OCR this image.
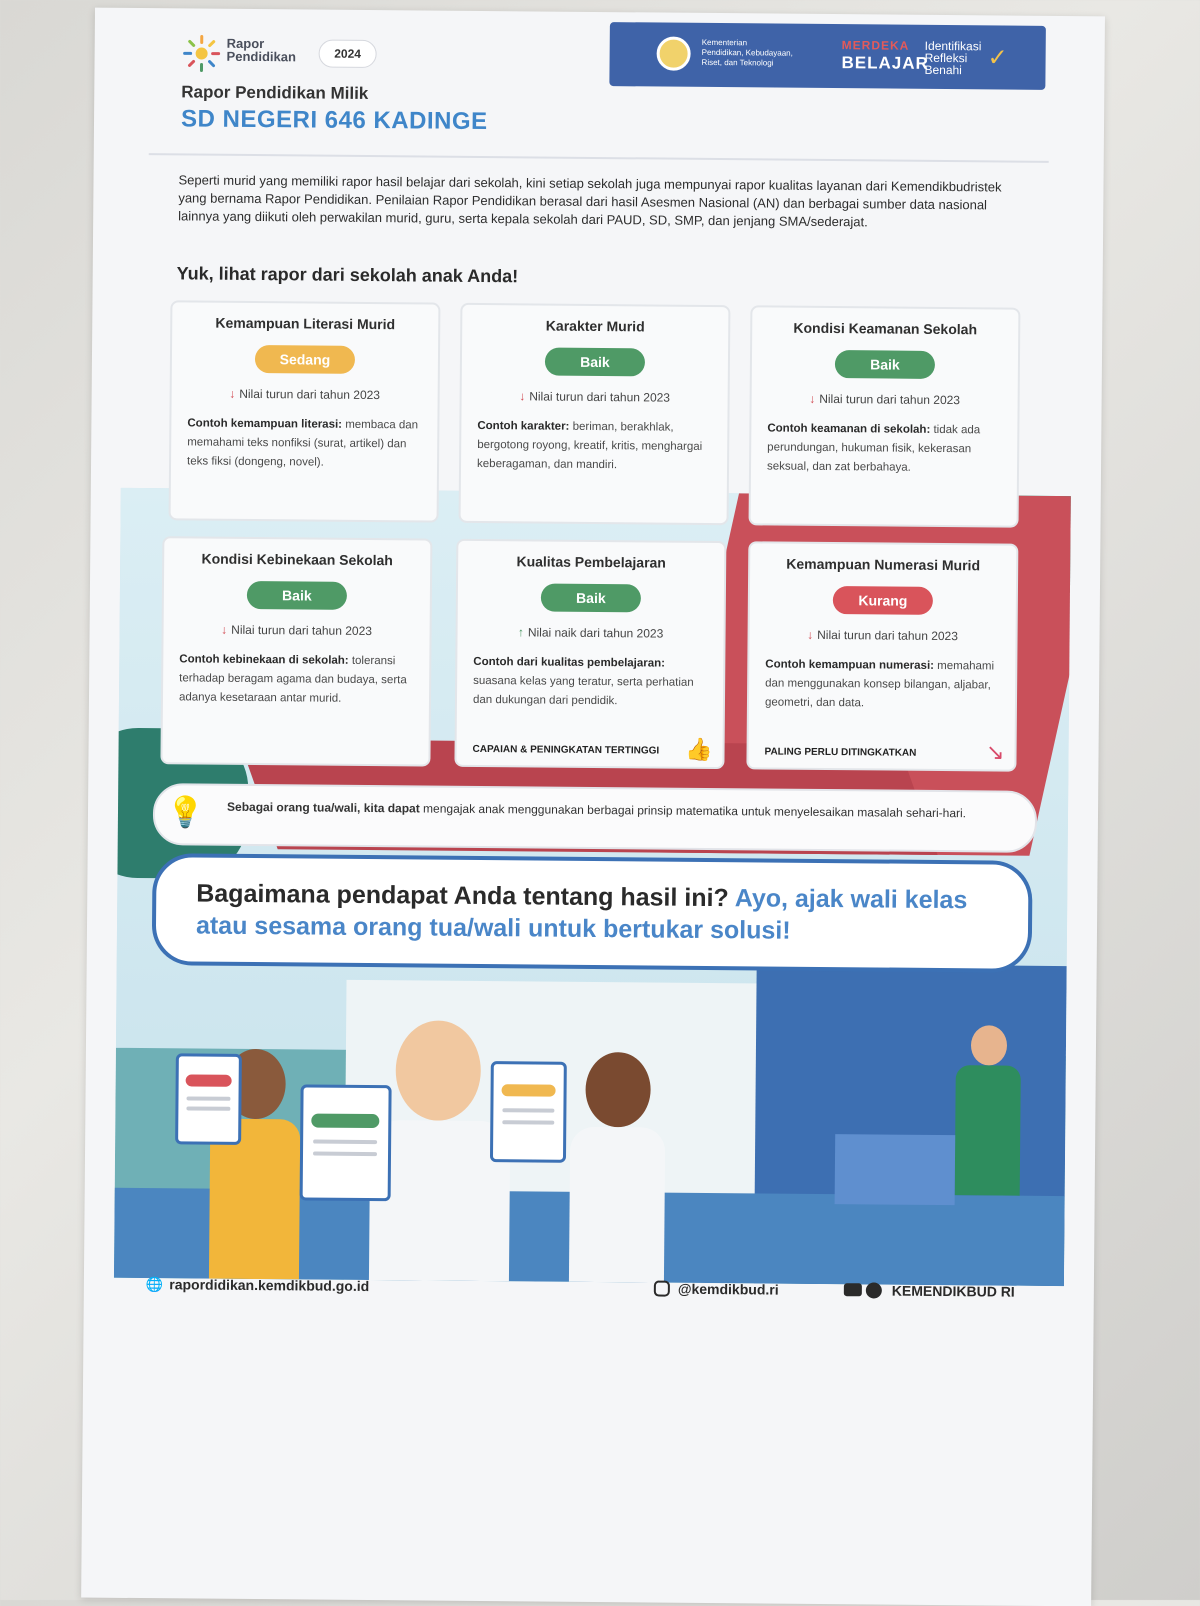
Rapor
Pendidikan	2024
Kementerian
Pendidikan, Kebudayaan,
Riset, dan Teknologi
MERDEKA
BELAJAR
Identifikasi
Refleksi
Benahi	✓
Rapor Pendidikan Milik
SD NEGERI 646 KADINGE
Seperti murid yang memiliki rapor hasil belajar dari sekolah, kini setiap sekolah juga mempunyai rapor kualitas layanan dari Kemendikbudristek yang bernama Rapor Pendidikan. Penilaian Rapor Pendidikan berasal dari hasil Asesmen Nasional (AN) dan berbagai sumber data nasional lainnya yang diikuti oleh perwakilan murid, guru, serta kepala sekolah dari PAUD, SD, SMP, dan jenjang SMA/sederajat.
Yuk, lihat rapor dari sekolah anak Anda!
Kemampuan Literasi Murid
Sedang
↓ Nilai turun dari tahun 2023
Contoh kemampuan literasi: membaca dan memahami teks nonfiksi (surat, artikel) dan teks fiksi (dongeng, novel).
Karakter Murid
Baik
↓ Nilai turun dari tahun 2023
Contoh karakter: beriman, berakhlak, bergotong royong, kreatif, kritis, menghargai keberagaman, dan mandiri.
Kondisi Keamanan Sekolah
Baik
↓ Nilai turun dari tahun 2023
Contoh keamanan di sekolah: tidak ada perundungan, hukuman fisik, kekerasan seksual, dan zat berbahaya.
Kondisi Kebinekaan Sekolah
Baik
↓ Nilai turun dari tahun 2023
Contoh kebinekaan di sekolah: toleransi terhadap beragam agama dan budaya, serta adanya kesetaraan antar murid.
Kualitas Pembelajaran
Baik
↑ Nilai naik dari tahun 2023
Contoh dari kualitas pembelajaran: suasana kelas yang teratur, serta perhatian dan dukungan dari pendidik.
CAPAIAN & PENINGKATAN TERTINGGI 👍
Kemampuan Numerasi Murid
Kurang
↓ Nilai turun dari tahun 2023
Contoh kemampuan numerasi: memahami dan menggunakan konsep bilangan, aljabar, geometri, dan data.
PALING PERLU DITINGKATKAN	↘
💡 Sebagai orang tua/wali, kita dapat mengajak anak menggunakan berbagai prinsip matematika untuk menyelesaikan masalah sehari-hari.
Bagaimana pendapat Anda tentang hasil ini? Ayo, ajak wali kelas atau sesama orang tua/wali untuk bertukar solusi!
🌐 rapordidikan.kemdikbud.go.id	@kemdikbud.ri	KEMENDIKBUD RI
